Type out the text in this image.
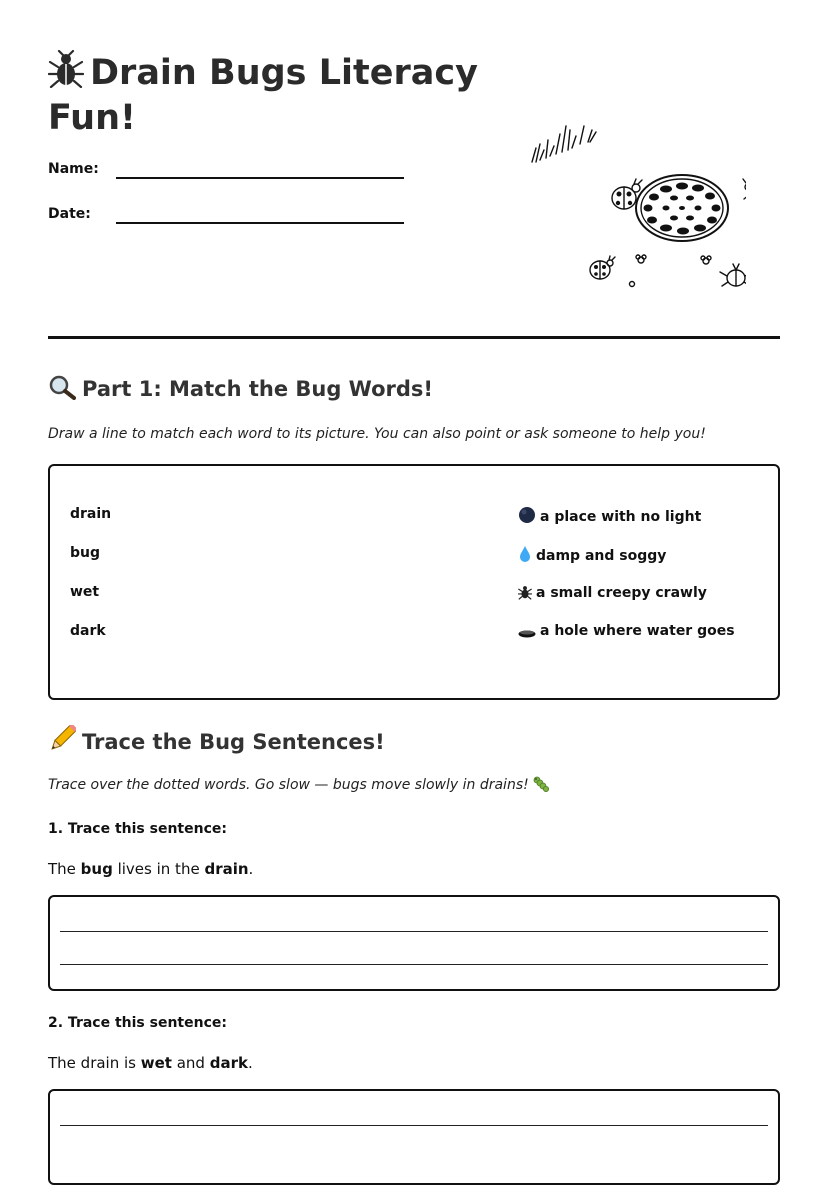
Drain Bugs Literacy Fun!
Name:
Date:
Part 1: Match the Bug Words!

Draw a line to match each word to its picture. You can also point or ask someone to help you!

drain
bug
wet
dark
a place with no light
damp and soggy
a small creepy crawly
a hole where water goes
Trace the Bug Sentences!

Trace over the dotted words. Go slow — bugs move slowly in drains!

1. Trace this sentence:

The bug lives in the drain.

2. Trace this sentence:

The drain is wet and dark.
